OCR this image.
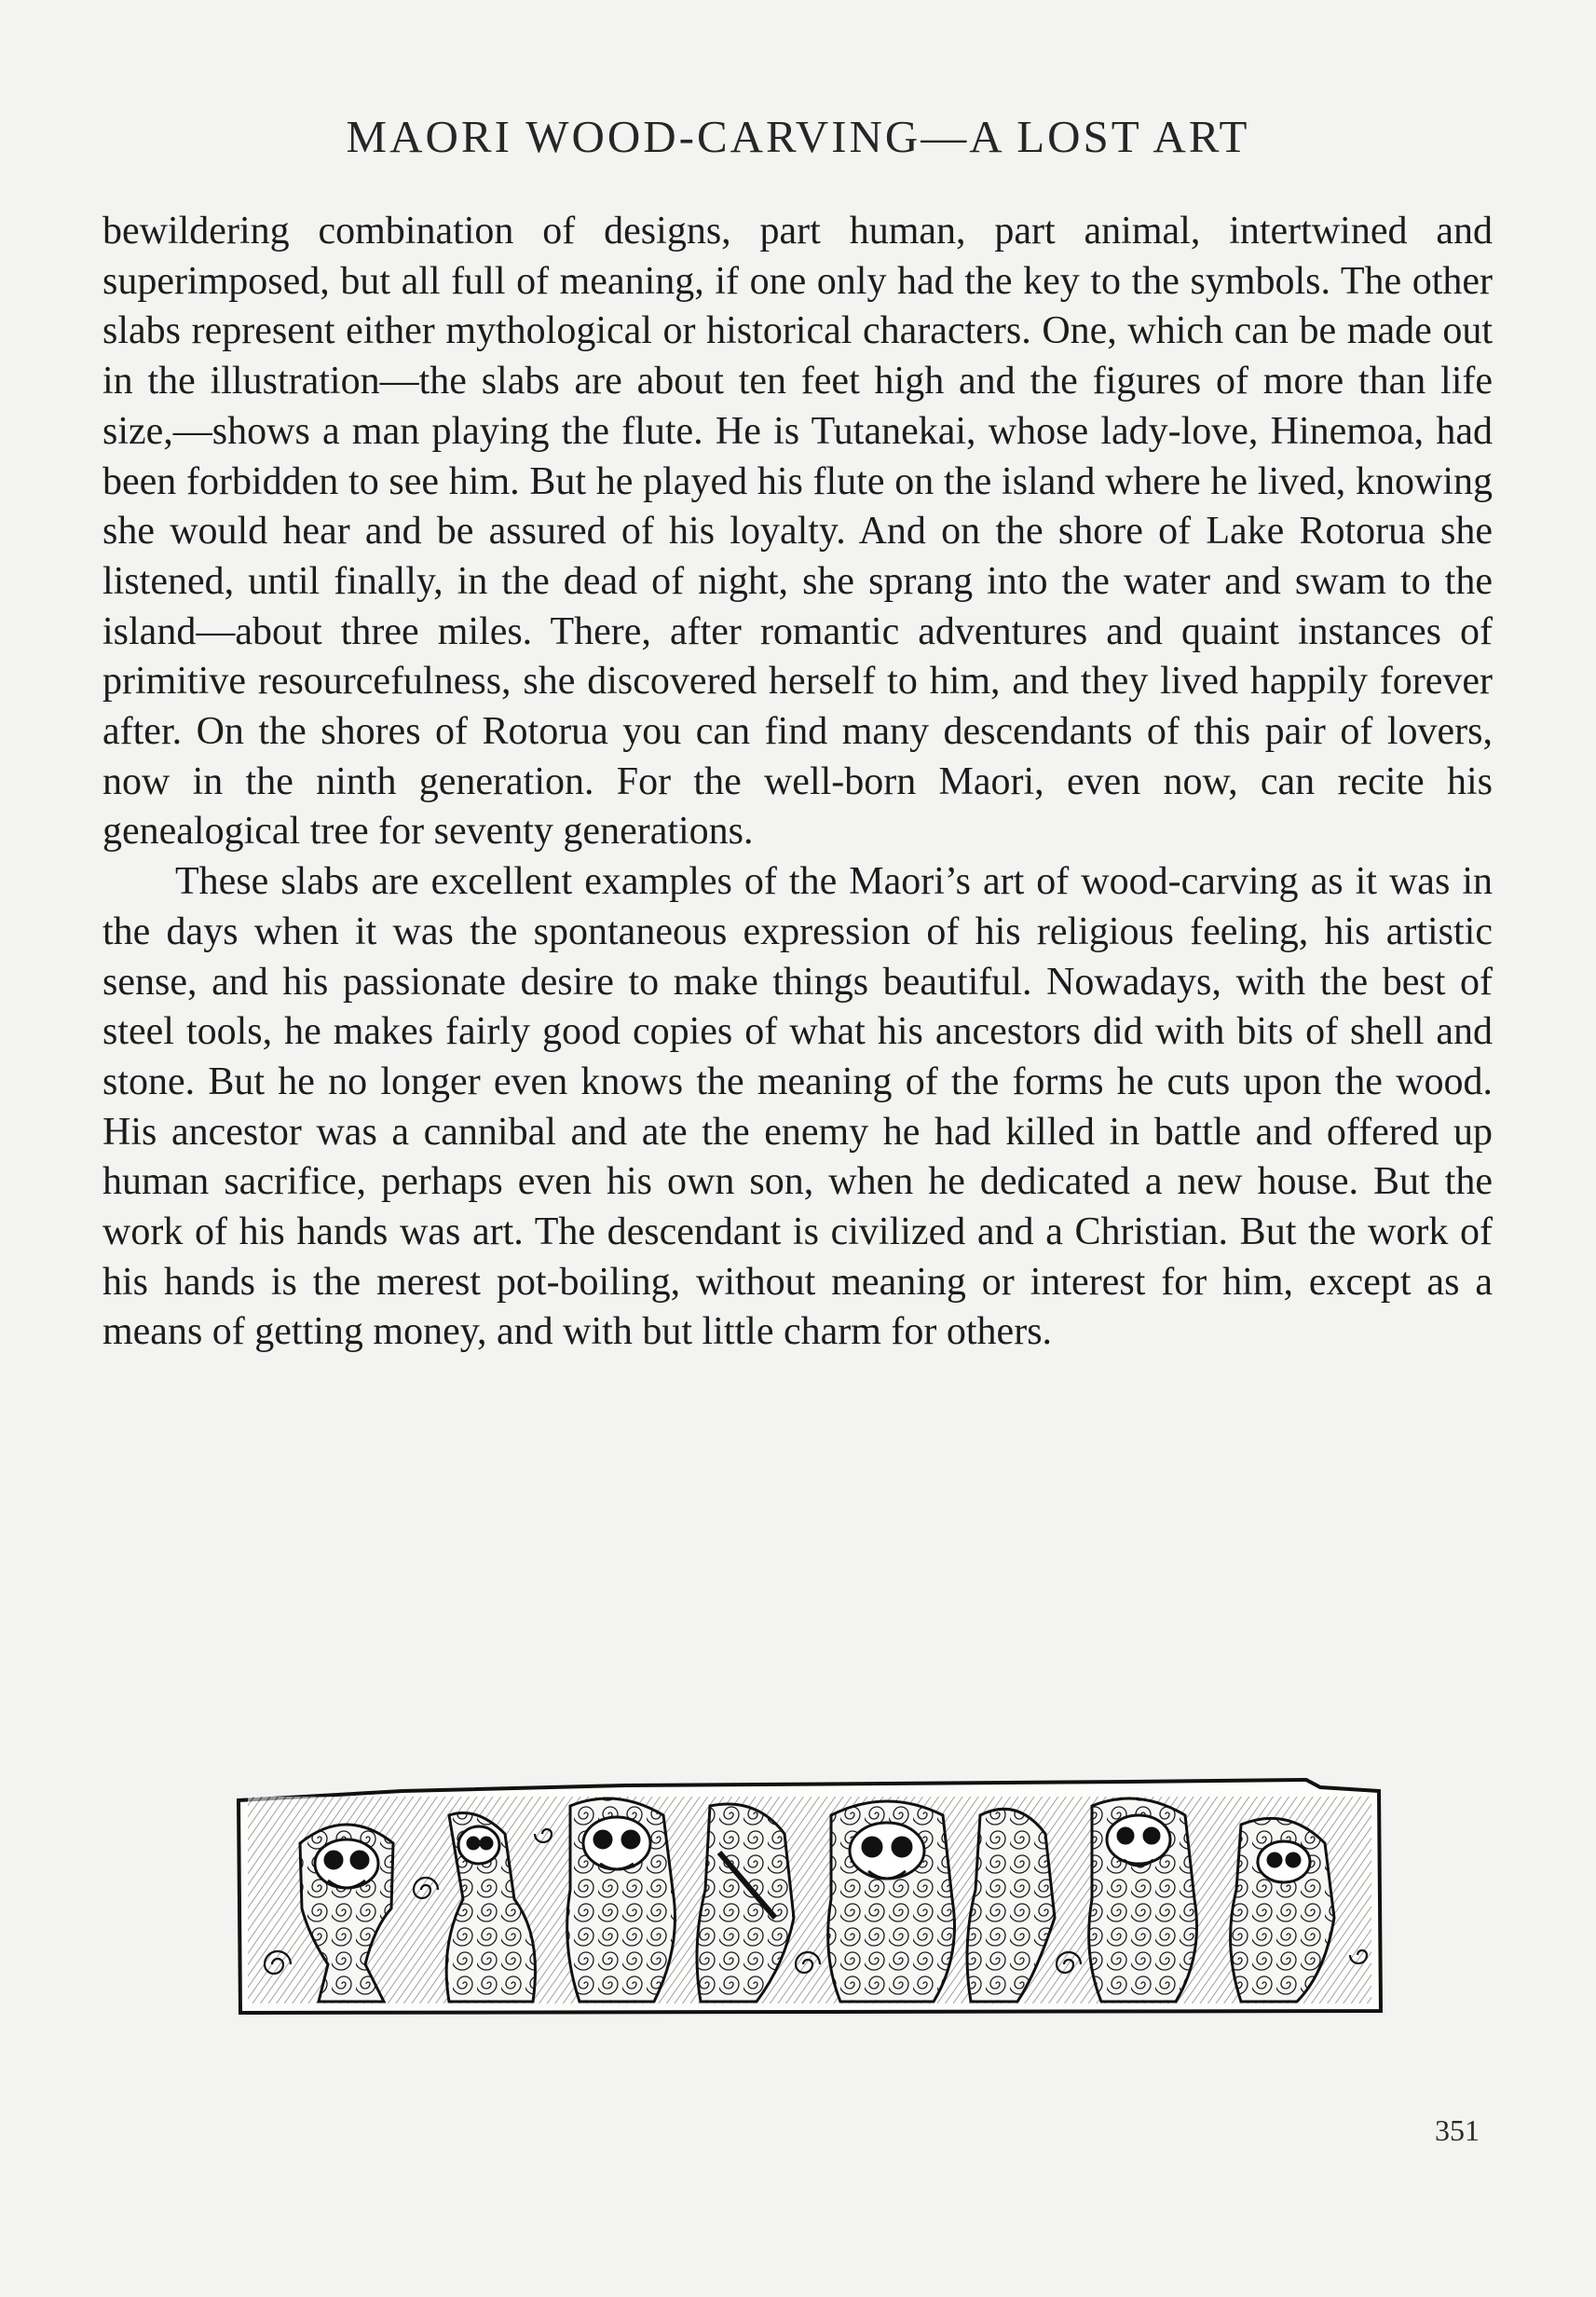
MAORI WOOD-CARVING—A LOST ART

bewildering combination of designs, part human, part animal, intertwined and superimposed, but all full of meaning, if one only had the key to the symbols. The other slabs represent either mythological or historical characters. One, which can be made out in the illustration—the slabs are about ten feet high and the figures of more than life size,—shows a man playing the flute. He is Tutanekai, whose lady-love, Hinemoa, had been forbidden to see him. But he played his flute on the island where he lived, knowing she would hear and be assured of his loyalty. And on the shore of Lake Rotorua she listened, until finally, in the dead of night, she sprang into the water and swam to the island—about three miles. There, after romantic adventures and quaint instances of primitive resourcefulness, she discovered herself to him, and they lived happily forever after. On the shores of Rotorua you can find many descendants of this pair of lovers, now in the ninth generation. For the well-born Maori, even now, can recite his genealogical tree for seventy generations.

These slabs are excellent examples of the Maori’s art of wood-carving as it was in the days when it was the spontaneous expression of his religious feeling, his artistic sense, and his passionate desire to make things beautiful. Nowadays, with the best of steel tools, he makes fairly good copies of what his ancestors did with bits of shell and stone. But he no longer even knows the meaning of the forms he cuts upon the wood. His ancestor was a cannibal and ate the enemy he had killed in battle and offered up human sacrifice, perhaps even his own son, when he dedicated a new house. But the work of his hands was art. The descendant is civilized and a Christian. But the work of his hands is the merest pot-boiling, without meaning or interest for him, except as a means of getting money, and with but little charm for others.

351
